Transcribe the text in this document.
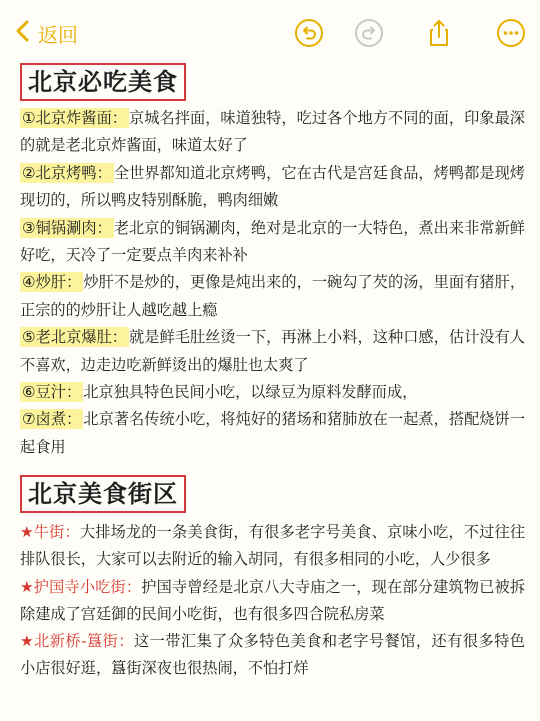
返回
北京必吃美食
①北京炸酱面： 京城名拌面，味道独特，吃过各个地方不同的面，印象最深的就是老北京炸酱面，味道太好了
②北京烤鸭： 全世界都知道北京烤鸭，它在古代是宫廷食品，烤鸭都是现烤现切的，所以鸭皮特别酥脆，鸭肉细嫩
③铜锅涮肉： 老北京的铜锅涮肉，绝对是北京的一大特色，煮出来非常新鲜好吃，天冷了一定要点羊肉来补补
④炒肝： 炒肝不是炒的，更像是炖出来的，一碗勾了芡的汤，里面有猪肝，正宗的的炒肝让人越吃越上瘾
⑤老北京爆肚： 就是鲜毛肚丝烫一下，再淋上小料，这种口感，估计没有人不喜欢，边走边吃新鲜烫出的爆肚也太爽了
⑥豆汁： 北京独具特色民间小吃，以绿豆为原料发酵而成，
⑦卤煮： 北京著名传统小吃，将炖好的猪场和猪肺放在一起煮，搭配烧饼一起食用
北京美食街区
★牛街：大排场龙的一条美食街，有很多老字号美食、京味小吃，不过往往排队很长，大家可以去附近的输入胡同，有很多相同的小吃，人少很多
★护国寺小吃街：护国寺曾经是北京八大寺庙之一，现在部分建筑物已被拆除建成了宫廷御的民间小吃街，也有很多四合院私房菜
★北新桥-簋街：这一带汇集了众多特色美食和老字号餐馆，还有很多特色小店很好逛，簋街深夜也很热闹，不怕打烊
